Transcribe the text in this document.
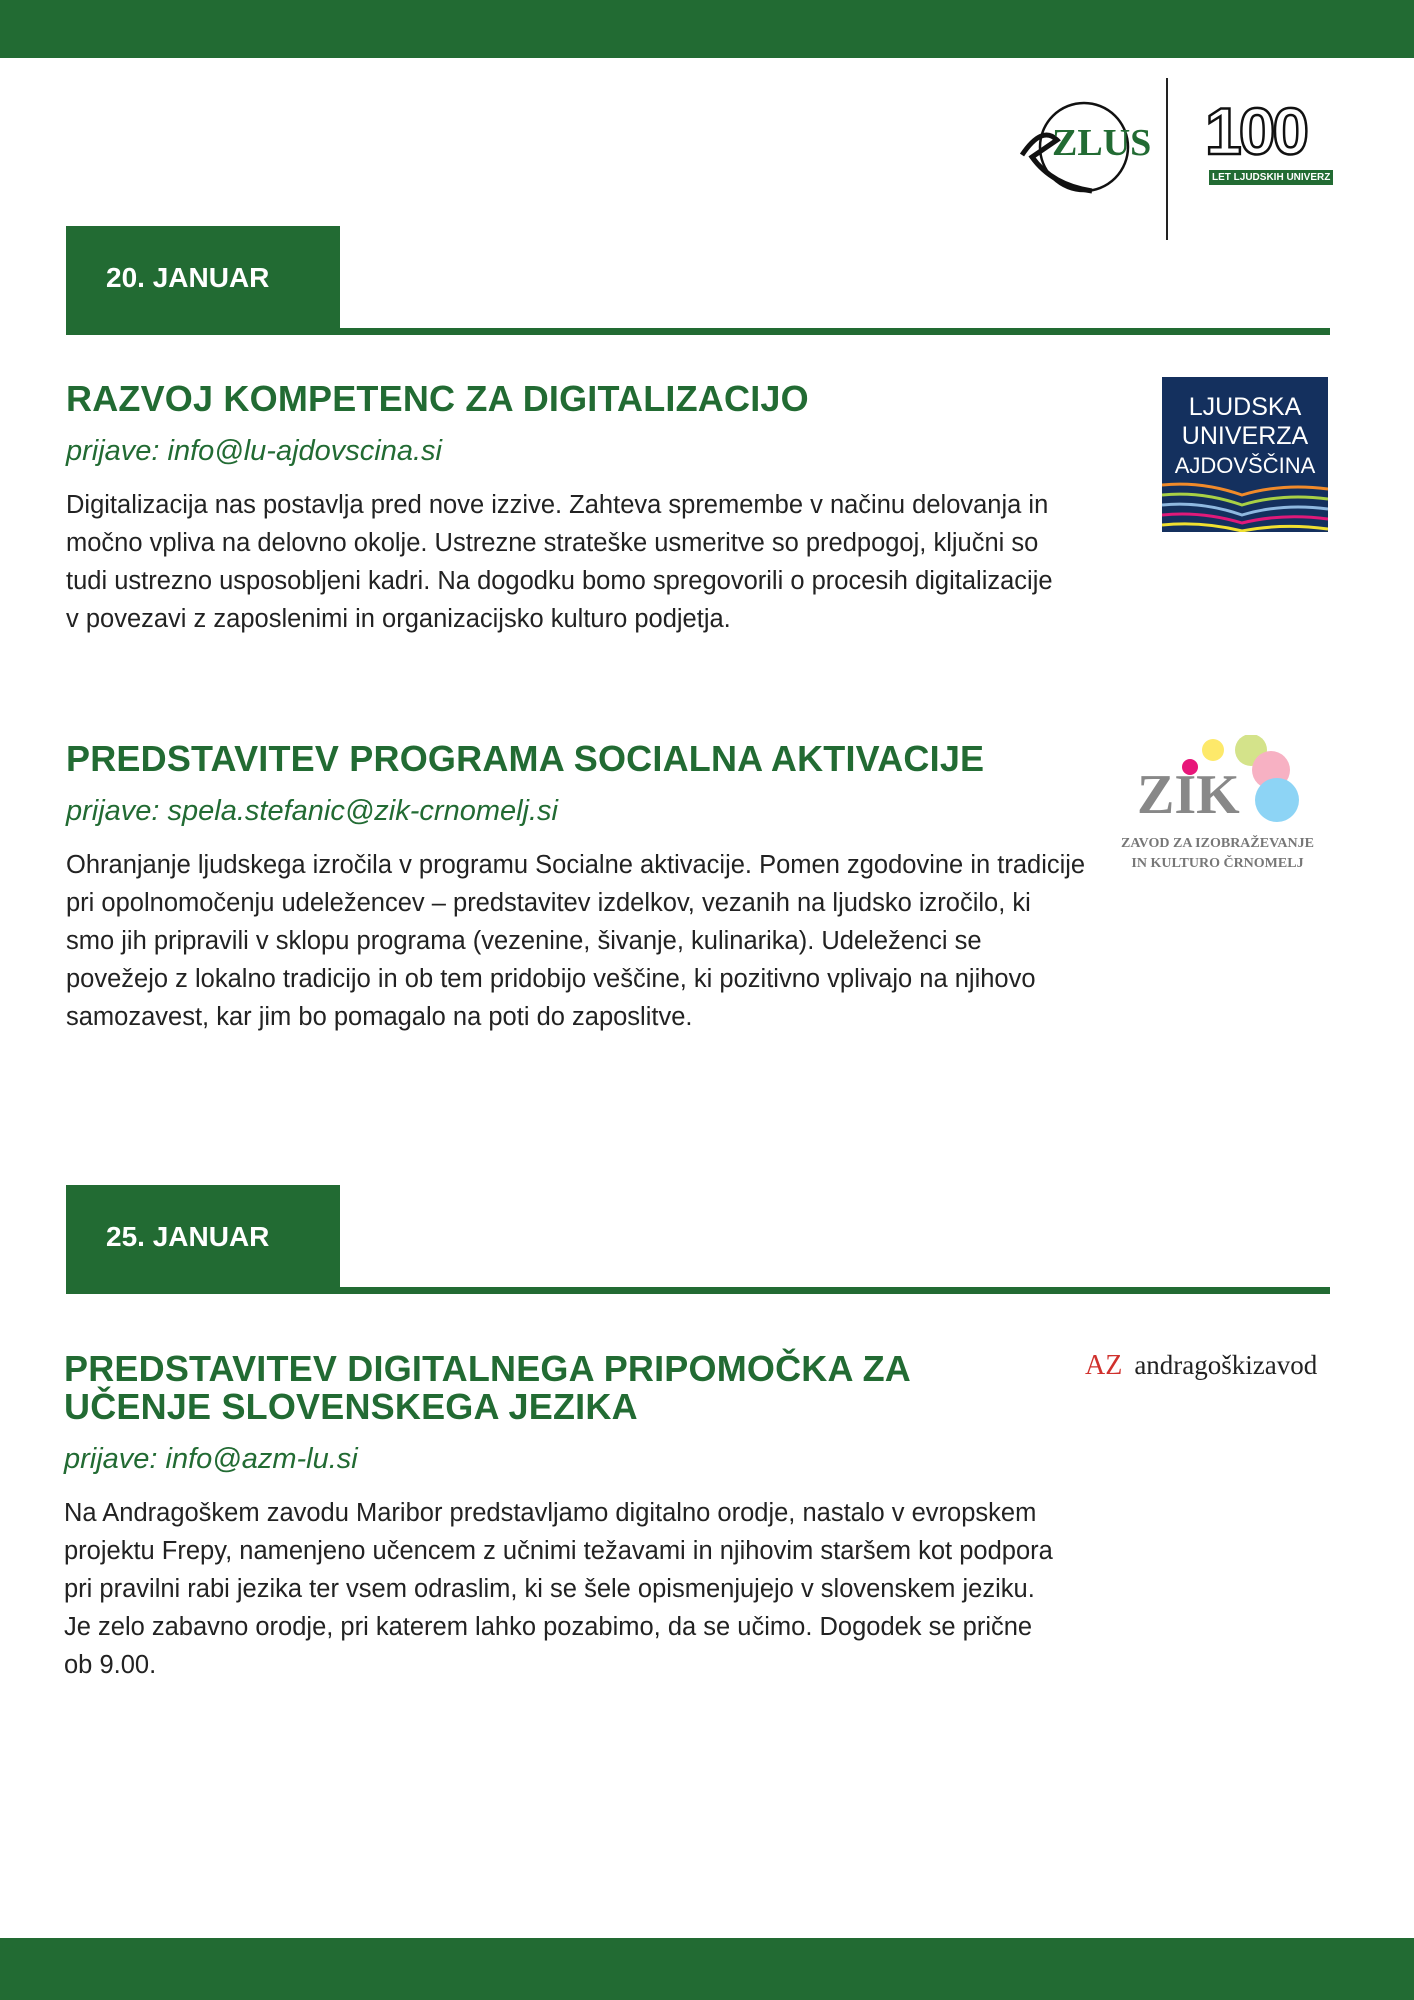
ZLUS 100
LET LJUDSKIH UNIVERZ
20. JANUAR
RAZVOJ KOMPETENC ZA DIGITALIZACIJO

prijave: info@lu-ajdovscina.si

Digitalizacija nas postavlja pred nove izzive. Zahteva spremembe v načinu delovanja in močno vpliva na delovno okolje. Ustrezne strateške usmeritve so predpogoj, ključni so tudi ustrezno usposobljeni kadri. Na dogodku bomo spregovorili o procesih digitalizacije v povezavi z zaposlenimi in organizacijsko kulturo podjetja.

LJUDSKA
UNIVERZA
AJDOVŠČINA
PREDSTAVITEV PROGRAMA SOCIALNA AKTIVACIJE

prijave: spela.stefanic@zik-crnomelj.si

Ohranjanje ljudskega izročila v programu Socialne aktivacije. Pomen zgodovine in tradicije pri opolnomočenju udeležencev – predstavitev izdelkov, vezanih na ljudsko izročilo, ki smo jih pripravili v sklopu programa (vezenine, šivanje, kulinarika). Udeleženci se povežejo z lokalno tradicijo in ob tem pridobijo veščine, ki pozitivno vplivajo na njihovo samozavest, kar jim bo pomagalo na poti do zaposlitve.

ZIK
ZAVOD ZA IZOBRAŽEVANJE
IN KULTURO ČRNOMELJ
25. JANUAR
PREDSTAVITEV DIGITALNEGA PRIPOMOČKA ZA UČENJE SLOVENSKEGA JEZIKA

prijave: info@azm-lu.si

Na Andragoškem zavodu Maribor predstavljamo digitalno orodje, nastalo v evropskem projektu Frepy, namenjeno učencem z učnimi težavami in njihovim staršem kot podpora pri pravilni rabi jezika ter vsem odraslim, ki se šele opismenjujejo v slovenskem jeziku. Je zelo zabavno orodje, pri katerem lahko pozabimo, da se učimo. Dogodek se prične ob 9.00.

AZ andragoškizavod
